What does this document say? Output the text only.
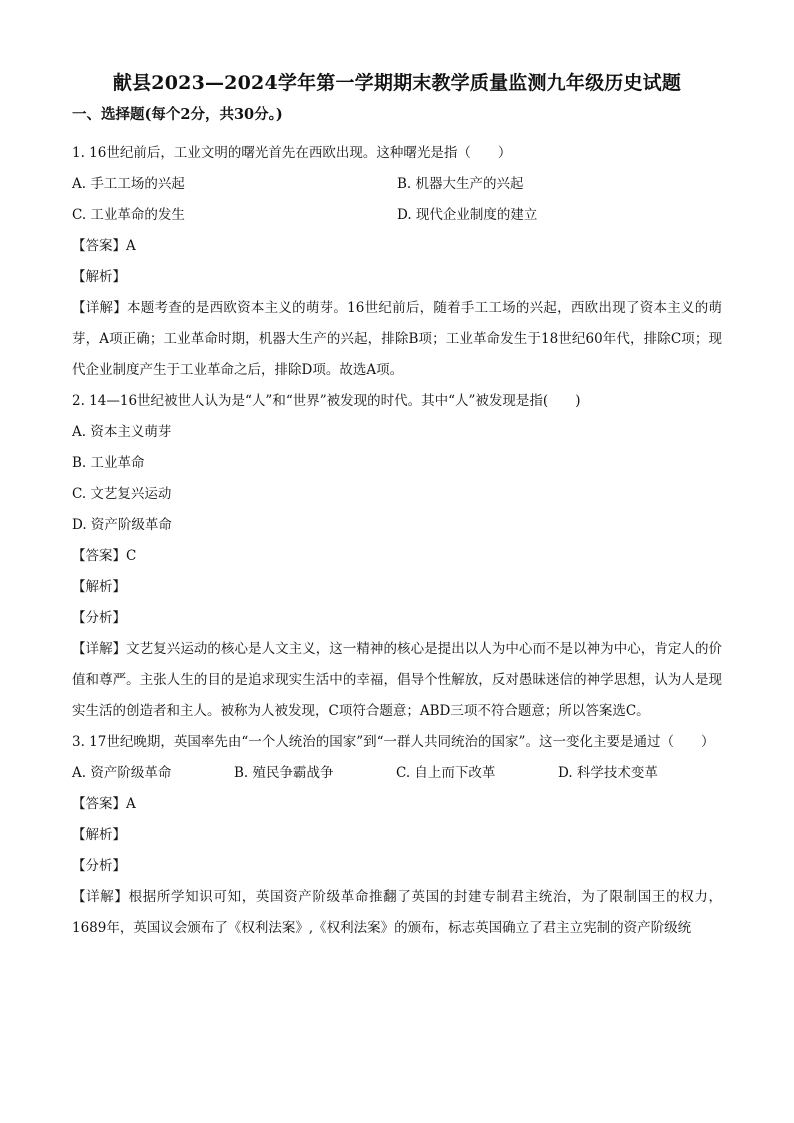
献县2023—2024学年第一学期期末教学质量监测九年级历史试题
一、选择题(每个2分，共30分。)
1. 16世纪前后，工业文明的曙光首先在西欧出现。这种曙光是指（　　）
A. 手工工场的兴起	B. 机器大生产的兴起
C. 工业革命的发生	D. 现代企业制度的建立
【答案】A
【解析】

【详解】本题考查的是西欧资本主义的萌芽。16世纪前后，随着手工工场的兴起，西欧出现了资本主义的萌芽，A项正确；工业革命时期，机器大生产的兴起，排除B项；工业革命发生于18世纪60年代，排除C项；现代企业制度产生于工业革命之后，排除D项。故选A项。

2. 14—16世纪被世人认为是“人”和“世界”被发现的时代。其中“人”被发现是指(　　)
A. 资本主义萌芽
B. 工业革命
C. 文艺复兴运动
D. 资产阶级革命
【答案】C
【解析】
【分析】

【详解】文艺复兴运动的核心是人文主义，这一精神的核心是提出以人为中心而不是以神为中心，肯定人的价值和尊严。主张人生的目的是追求现实生活中的幸福，倡导个性解放，反对愚昧迷信的神学思想，认为人是现实生活的创造者和主人。被称为人被发现，C项符合题意；ABD三项不符合题意；所以答案选C。

3. 17世纪晚期，英国率先由“一个人统治的国家”到“一群人共同统治的国家”。这一变化主要是通过（　　）

A. 资产阶级革命	B. 殖民争霸战争	C. 自上而下改革	D. 科学技术变革
【答案】A
【解析】
【分析】

【详解】根据所学知识可知，英国资产阶级革命推翻了英国的封建专制君主统治，为了限制国王的权力，1689年，英国议会颁布了《权利法案》,《权利法案》的颁布，标志英国确立了君主立宪制的资产阶级统
